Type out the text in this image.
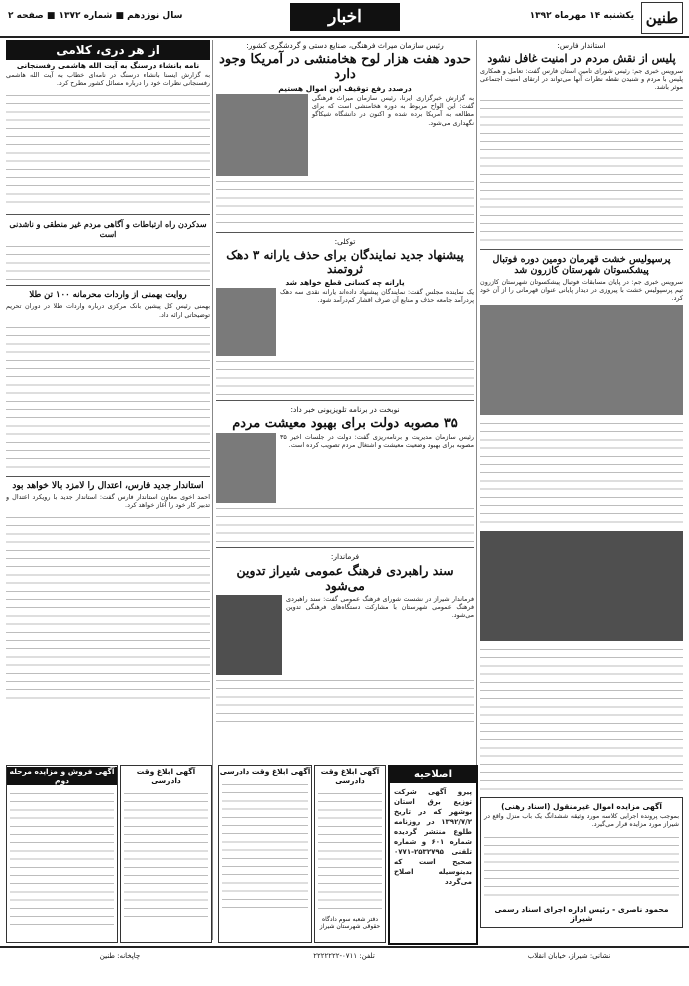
طنین
یکشنبه ۱۴ مهرماه ۱۳۹۲
اخبار
سال نوزدهم ■ شماره ۱۳۷۲ ■ صفحه ۲
استاندار فارس:
پلیس از نقش مردم در امنیت غافل نشود

سرویس خبری جم: رئیس شورای تامین استان فارس گفت: تعامل و همکاری پلیس با مردم و شنیدن نقطه نظرات آنها می‌تواند در ارتقای امنیت اجتماعی موثر باشد.

پرسپولیس خشت قهرمان دومین دوره فوتبال پیشکسوتان شهرستان کازرون شد

سرویس خبری جم: در پایان مسابقات فوتبال پیشکسوتان شهرستان کازرون تیم پرسپولیس خشت با پیروزی در دیدار پایانی عنوان قهرمانی را از آن خود کرد.

آگهی مزایده اموال غیرمنقول (اسناد رهنی)

بموجب پرونده اجرایی کلاسه مورد وثیقه ششدانگ یک باب منزل واقع در شیراز مورد مزایده قرار می‌گیرد.

محمود ناصری - رئیس اداره اجرای اسناد رسمی شیراز
رئیس سازمان میراث فرهنگی، صنایع دستی و گردشگری کشور:
حدود هفت هزار لوح هخامنشی در آمریکا وجود دارد
درصدد رفع توقیف این اموال هستیم

به گزارش خبرگزاری ایرنا، رئیس سازمان میراث فرهنگی گفت: این الواح مربوط به دوره هخامنشی است که برای مطالعه به آمریکا برده شده و اکنون در دانشگاه شیکاگو نگهداری می‌شود.

توکلی:
پیشنهاد جدید نمایندگان برای حذف یارانه ۳ دهک ثروتمند
یارانه چه کسانی قطع خواهد شد

یک نماینده مجلس گفت: نمایندگان پیشنهاد داده‌اند یارانه نقدی سه دهک پردرآمد جامعه حذف و منابع آن صرف اقشار کم‌درآمد شود.

نوبخت در برنامه تلویزیونی خبر داد:
۳۵ مصوبه دولت برای بهبود معیشت مردم

رئیس سازمان مدیریت و برنامه‌ریزی گفت: دولت در جلسات اخیر ۳۵ مصوبه برای بهبود وضعیت معیشت و اشتغال مردم تصویب کرده است.

فرماندار:
سند راهبردی فرهنگ عمومی شیراز تدوین می‌شود

فرماندار شیراز در نشست شورای فرهنگ عمومی گفت: سند راهبردی فرهنگ عمومی شهرستان با مشارکت دستگاه‌های فرهنگی تدوین می‌شود.

از هر دری، کلامی
نامه بانشاء درسنگ به آیت الله هاشمی رفسنجانی

به گزارش ایسنا بانشاء درسنگ در نامه‌ای خطاب به آیت الله هاشمی رفسنجانی نظرات خود را درباره مسائل کشور مطرح کرد.

سدکردن راه ارتباطات و آگاهی مردم غیر منطقی و ناشدنی است

روایت بهمنی از واردات محرمانه ۱۰۰ تن طلا

بهمنی رئیس کل پیشین بانک مرکزی درباره واردات طلا در دوران تحریم توضیحاتی ارائه داد.

استاندار جدید فارس، اعتدال را لامزد بالا خواهد بود

احمد اخوی معاون استاندار فارس گفت: استاندار جدید با رویکرد اعتدال و تدبیر کار خود را آغاز خواهد کرد.

آگهی فروش و مزایده مرحله دوم

آگهی ابلاغ وقت دادرسی

آگهی ابلاغ وقت دادرسی	آگهی ابلاغ وقت دادرسی

دفتر شعبه سوم دادگاه حقوقی شهرستان شیراز
اصلاحیه

پیرو آگهی شرکت توزیع برق استان بوشهر که در تاریخ ۱۳۹۲/۷/۲ در روزنامه طلوع منتشر گردیده شماره ۶۰۱ و شماره تلفنی ۲۵۳۲۷۹۵-۰۷۷۱ صحیح است که بدینوسیله اصلاح می‌گردد

نشانی: شیراز، خیابان انقلاب
تلفن: ۰۷۱۱-۲۲۲۲۲۲۲
چاپخانه: طنین
